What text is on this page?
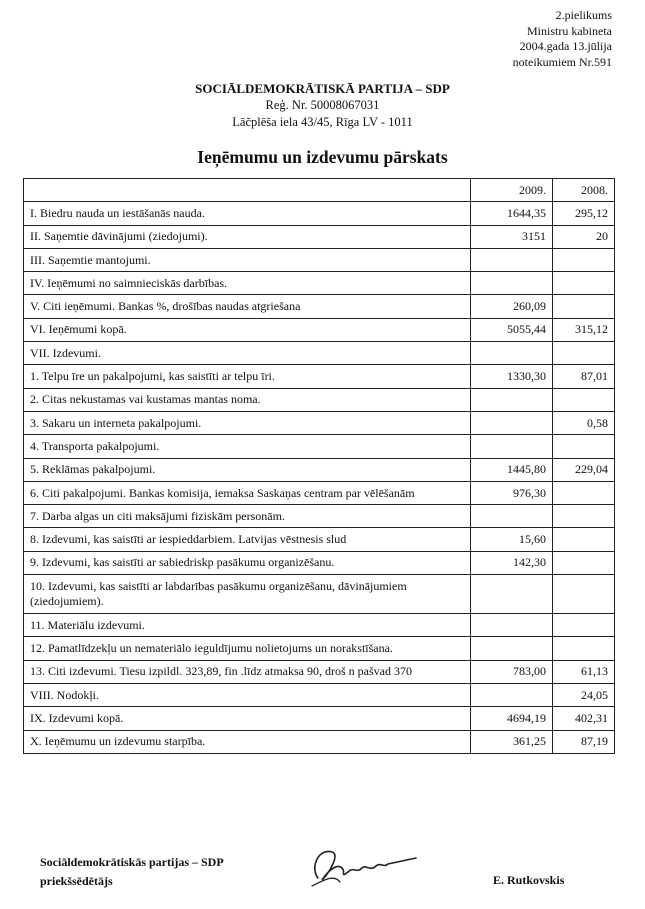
2.pielikums
Ministru kabineta
2004.gada 13.jūlija
noteikumiem Nr.591
SOCIĀLDEMOKRĀTISKĀ PARTIJA – SDP
Reģ. Nr. 50008067031
Lāčplēša iela 43/45, Rīga LV - 1011
Ieņēmumu un izdevumu pārskats
	2009.	2008.
I. Biedru nauda un iestāšanās nauda.	1644,35	295,12
II. Saņemtie dāvinājumi (ziedojumi).	3151	20
III. Saņemtie mantojumi.		
IV. Ieņēmumi no saimnieciskās darbības.		
V. Citi ieņēmumi. Bankas %, drošības naudas atgriešana	260,09	
VI. Ieņēmumi kopā.	5055,44	315,12
VII. Izdevumi.		
1. Telpu īre un pakalpojumi, kas saistīti ar telpu īri.	1330,30	87,01
2. Citas nekustamas vai kustamas mantas noma.		
3. Sakaru un interneta pakalpojumi.		0,58
4. Transporta pakalpojumi.		
5. Reklāmas pakalpojumi.	1445,80	229,04
6. Citi pakalpojumi. Bankas komisija, iemaksa Saskaņas centram par vēlēšanām	976,30	
7. Darba algas un citi maksājumi fiziskām personām.		
8. Izdevumi, kas saistīti ar iespieddarbiem. Latvijas vēstnesis slud	15,60	
9. Izdevumi, kas saistīti ar sabiedriskp pasākumu organizēšanu.	142,30	
10. Izdevumi, kas saistīti ar labdarības pasākumu organizēšanu, dāvinājumiem (ziedojumiem).		
11. Materiālu izdevumi.		
12. Pamatlīdzekļu un nemateriālo ieguldījumu nolietojums un norakstīšana.		
13. Citi izdevumi. Tiesu izpildl. 323,89, fin .līdz atmaksa 90, droš n pašvad 370	783,00	61,13
VIII. Nodokļi.		24,05
IX. Izdevumi kopā.	4694,19	402,31
X. Ieņēmumu un izdevumu starpība.	361,25	87,19
Sociāldemokrātiskās partijas – SDP
priekšsēdētājs	E. Rutkovskis
